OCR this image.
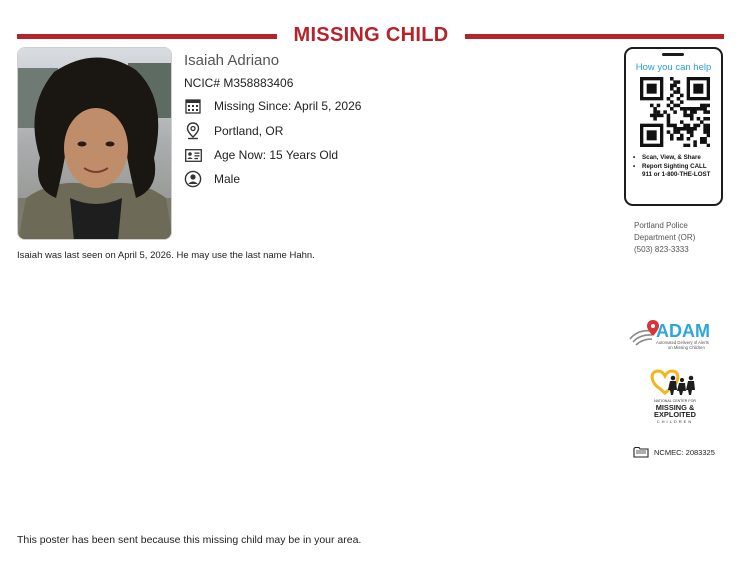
MISSING CHILD
Isaiah Adriano
NCIC# M358883406
Missing Since: April 5, 2026
Portland, OR
Age Now: 15 Years Old
Male
Isaiah was last seen on April 5, 2026. He may use the last name Hahn.
How you can help
• Scan, View, & Share
• Report Sighting CALL 911 or 1-800-THE-LOST
Portland Police
Department (OR)
(503) 823-3333
ADAM
Automated Delivery of Alerts
on Missing Children
NATIONAL CENTER FOR
MISSING &
EXPLOITED
CHILDREN
NCMEC: 2083325
This poster has been sent because this missing child may be in your area.
